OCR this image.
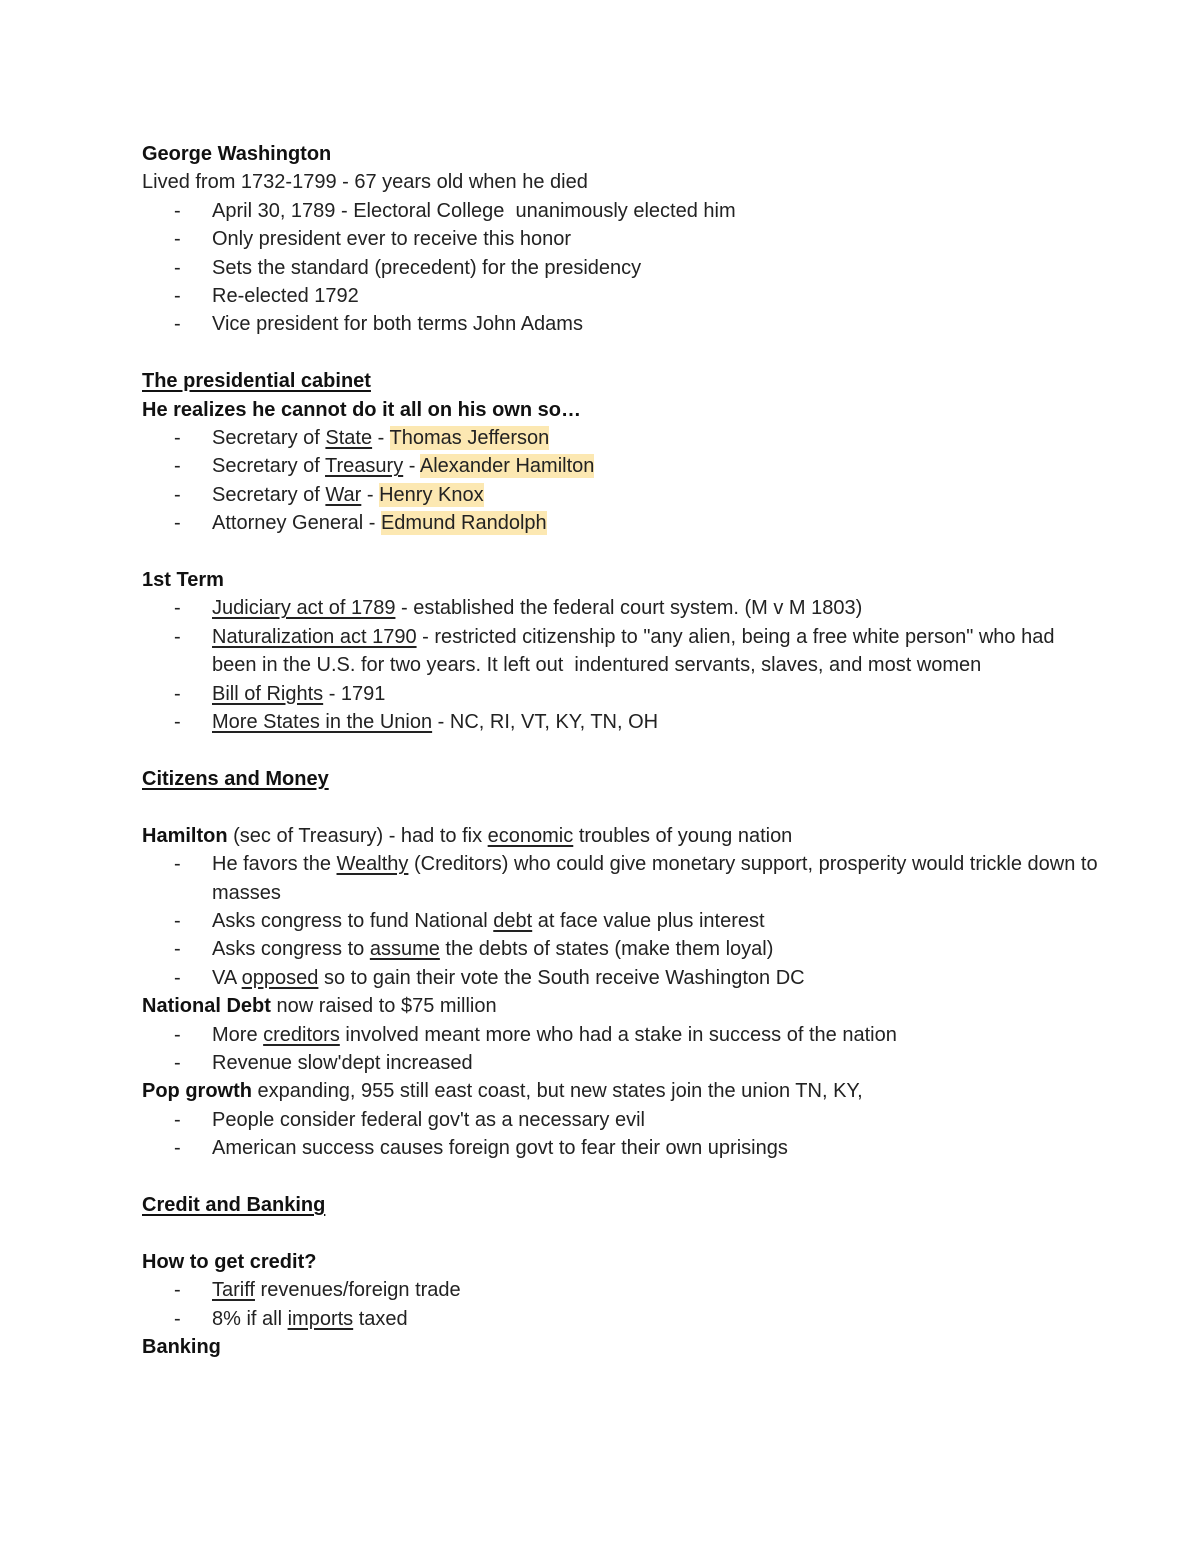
George Washington
Lived from 1732-1799 - 67 years old when he died
- April 30, 1789 - Electoral College  unanimously elected him
- Only president ever to receive this honor
- Sets the standard (precedent) for the presidency
- Re-elected 1792
- Vice president for both terms John Adams
The presidential cabinet
He realizes he cannot do it all on his own so…
- Secretary of State - Thomas Jefferson
- Secretary of Treasury - Alexander Hamilton
- Secretary of War - Henry Knox
- Attorney General - Edmund Randolph
1st Term
- Judiciary act of 1789 - established the federal court system. (M v M 1803)
- Naturalization act 1790 - restricted citizenship to "any alien, being a free white person" who had been in the U.S. for two years. It left out  indentured servants, slaves, and most women
- Bill of Rights - 1791
- More States in the Union - NC, RI, VT, KY, TN, OH
Citizens and Money
Hamilton (sec of Treasury) - had to fix economic troubles of young nation
- He favors the Wealthy (Creditors) who could give monetary support, prosperity would trickle down to masses
- Asks congress to fund National debt at face value plus interest
- Asks congress to assume the debts of states (make them loyal)
- VA opposed so to gain their vote the South receive Washington DC
National Debt now raised to $75 million
- More creditors involved meant more who had a stake in success of the nation
- Revenue slow'dept increased
Pop growth expanding, 955 still east coast, but new states join the union TN, KY,
- People consider federal gov't as a necessary evil
- American success causes foreign govt to fear their own uprisings
Credit and Banking
How to get credit?
- Tariff revenues/foreign trade
- 8% if all imports taxed
Banking
